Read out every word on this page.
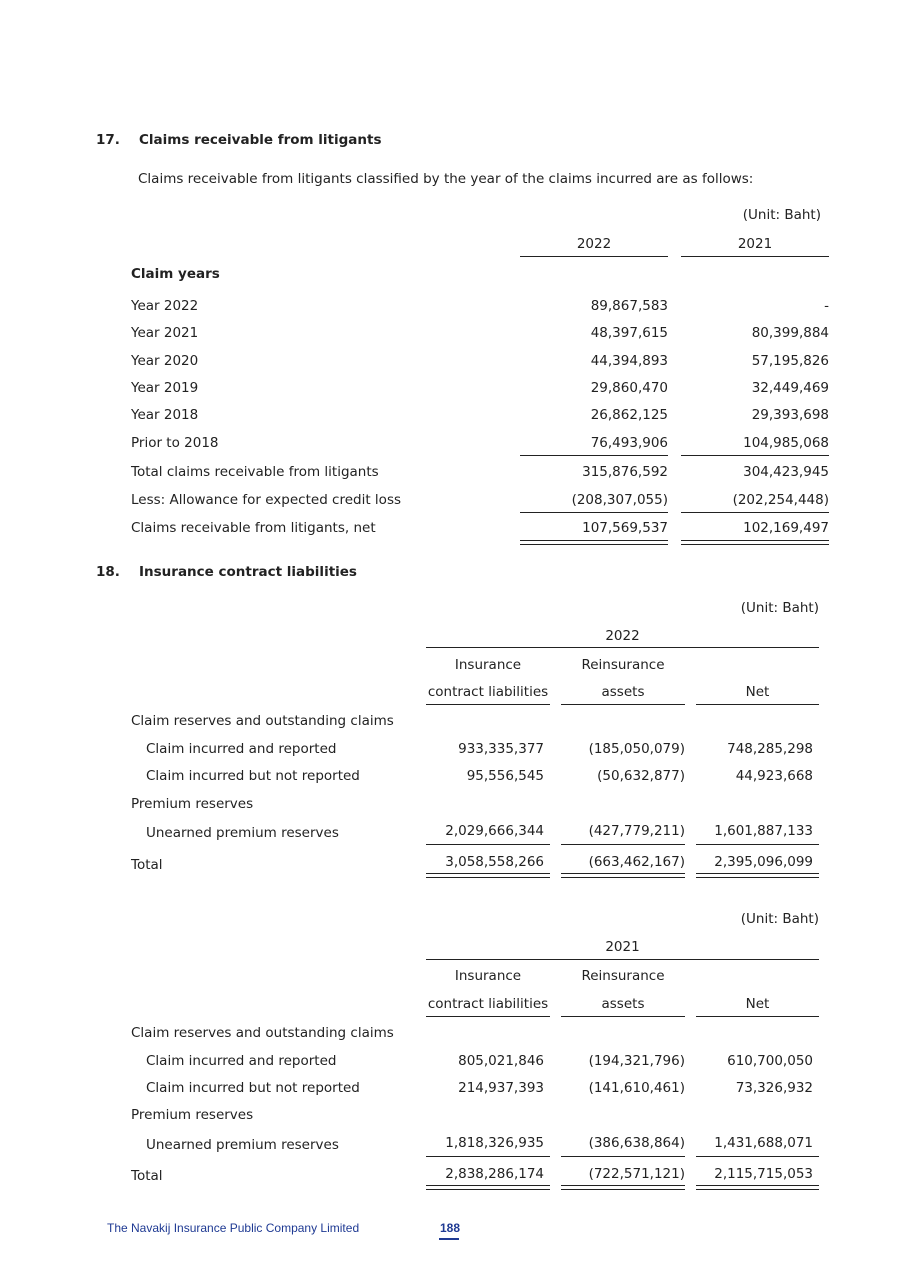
17. Claims receivable from litigants
Claims receivable from litigants classified by the year of the claims incurred are as follows:
(Unit: Baht)
2022	2021
Claim years
Year 2022	89,867,583	-
Year 2021	48,397,615	80,399,884
Year 2020	44,394,893	57,195,826
Year 2019	29,860,470	32,449,469
Year 2018	26,862,125	29,393,698
Prior to 2018	76,493,906	104,985,068
Total claims receivable from litigants	315,876,592	304,423,945
Less: Allowance for expected credit loss	(208,307,055)	(202,254,448)
Claims receivable from litigants, net	107,569,537	102,169,497
18. Insurance contract liabilities
(Unit: Baht)
2022
Insurance
contract liabilities
Reinsurance
assets	Net
Claim reserves and outstanding claims
Claim incurred and reported	933,335,377	(185,050,079)	748,285,298
Claim incurred but not reported	95,556,545	(50,632,877)	44,923,668
Premium reserves
Unearned premium reserves	2,029,666,344	(427,779,211)	1,601,887,133
Total	3,058,558,266	(663,462,167)	2,395,096,099
(Unit: Baht)
2021
Insurance
contract liabilities
Reinsurance
assets	Net
Claim reserves and outstanding claims
Claim incurred and reported	805,021,846	(194,321,796)	610,700,050
Claim incurred but not reported	214,937,393	(141,610,461)	73,326,932
Premium reserves
Unearned premium reserves	1,818,326,935	(386,638,864)	1,431,688,071
Total	2,838,286,174	(722,571,121)	2,115,715,053
The Navakij Insurance Public Company Limited	188
